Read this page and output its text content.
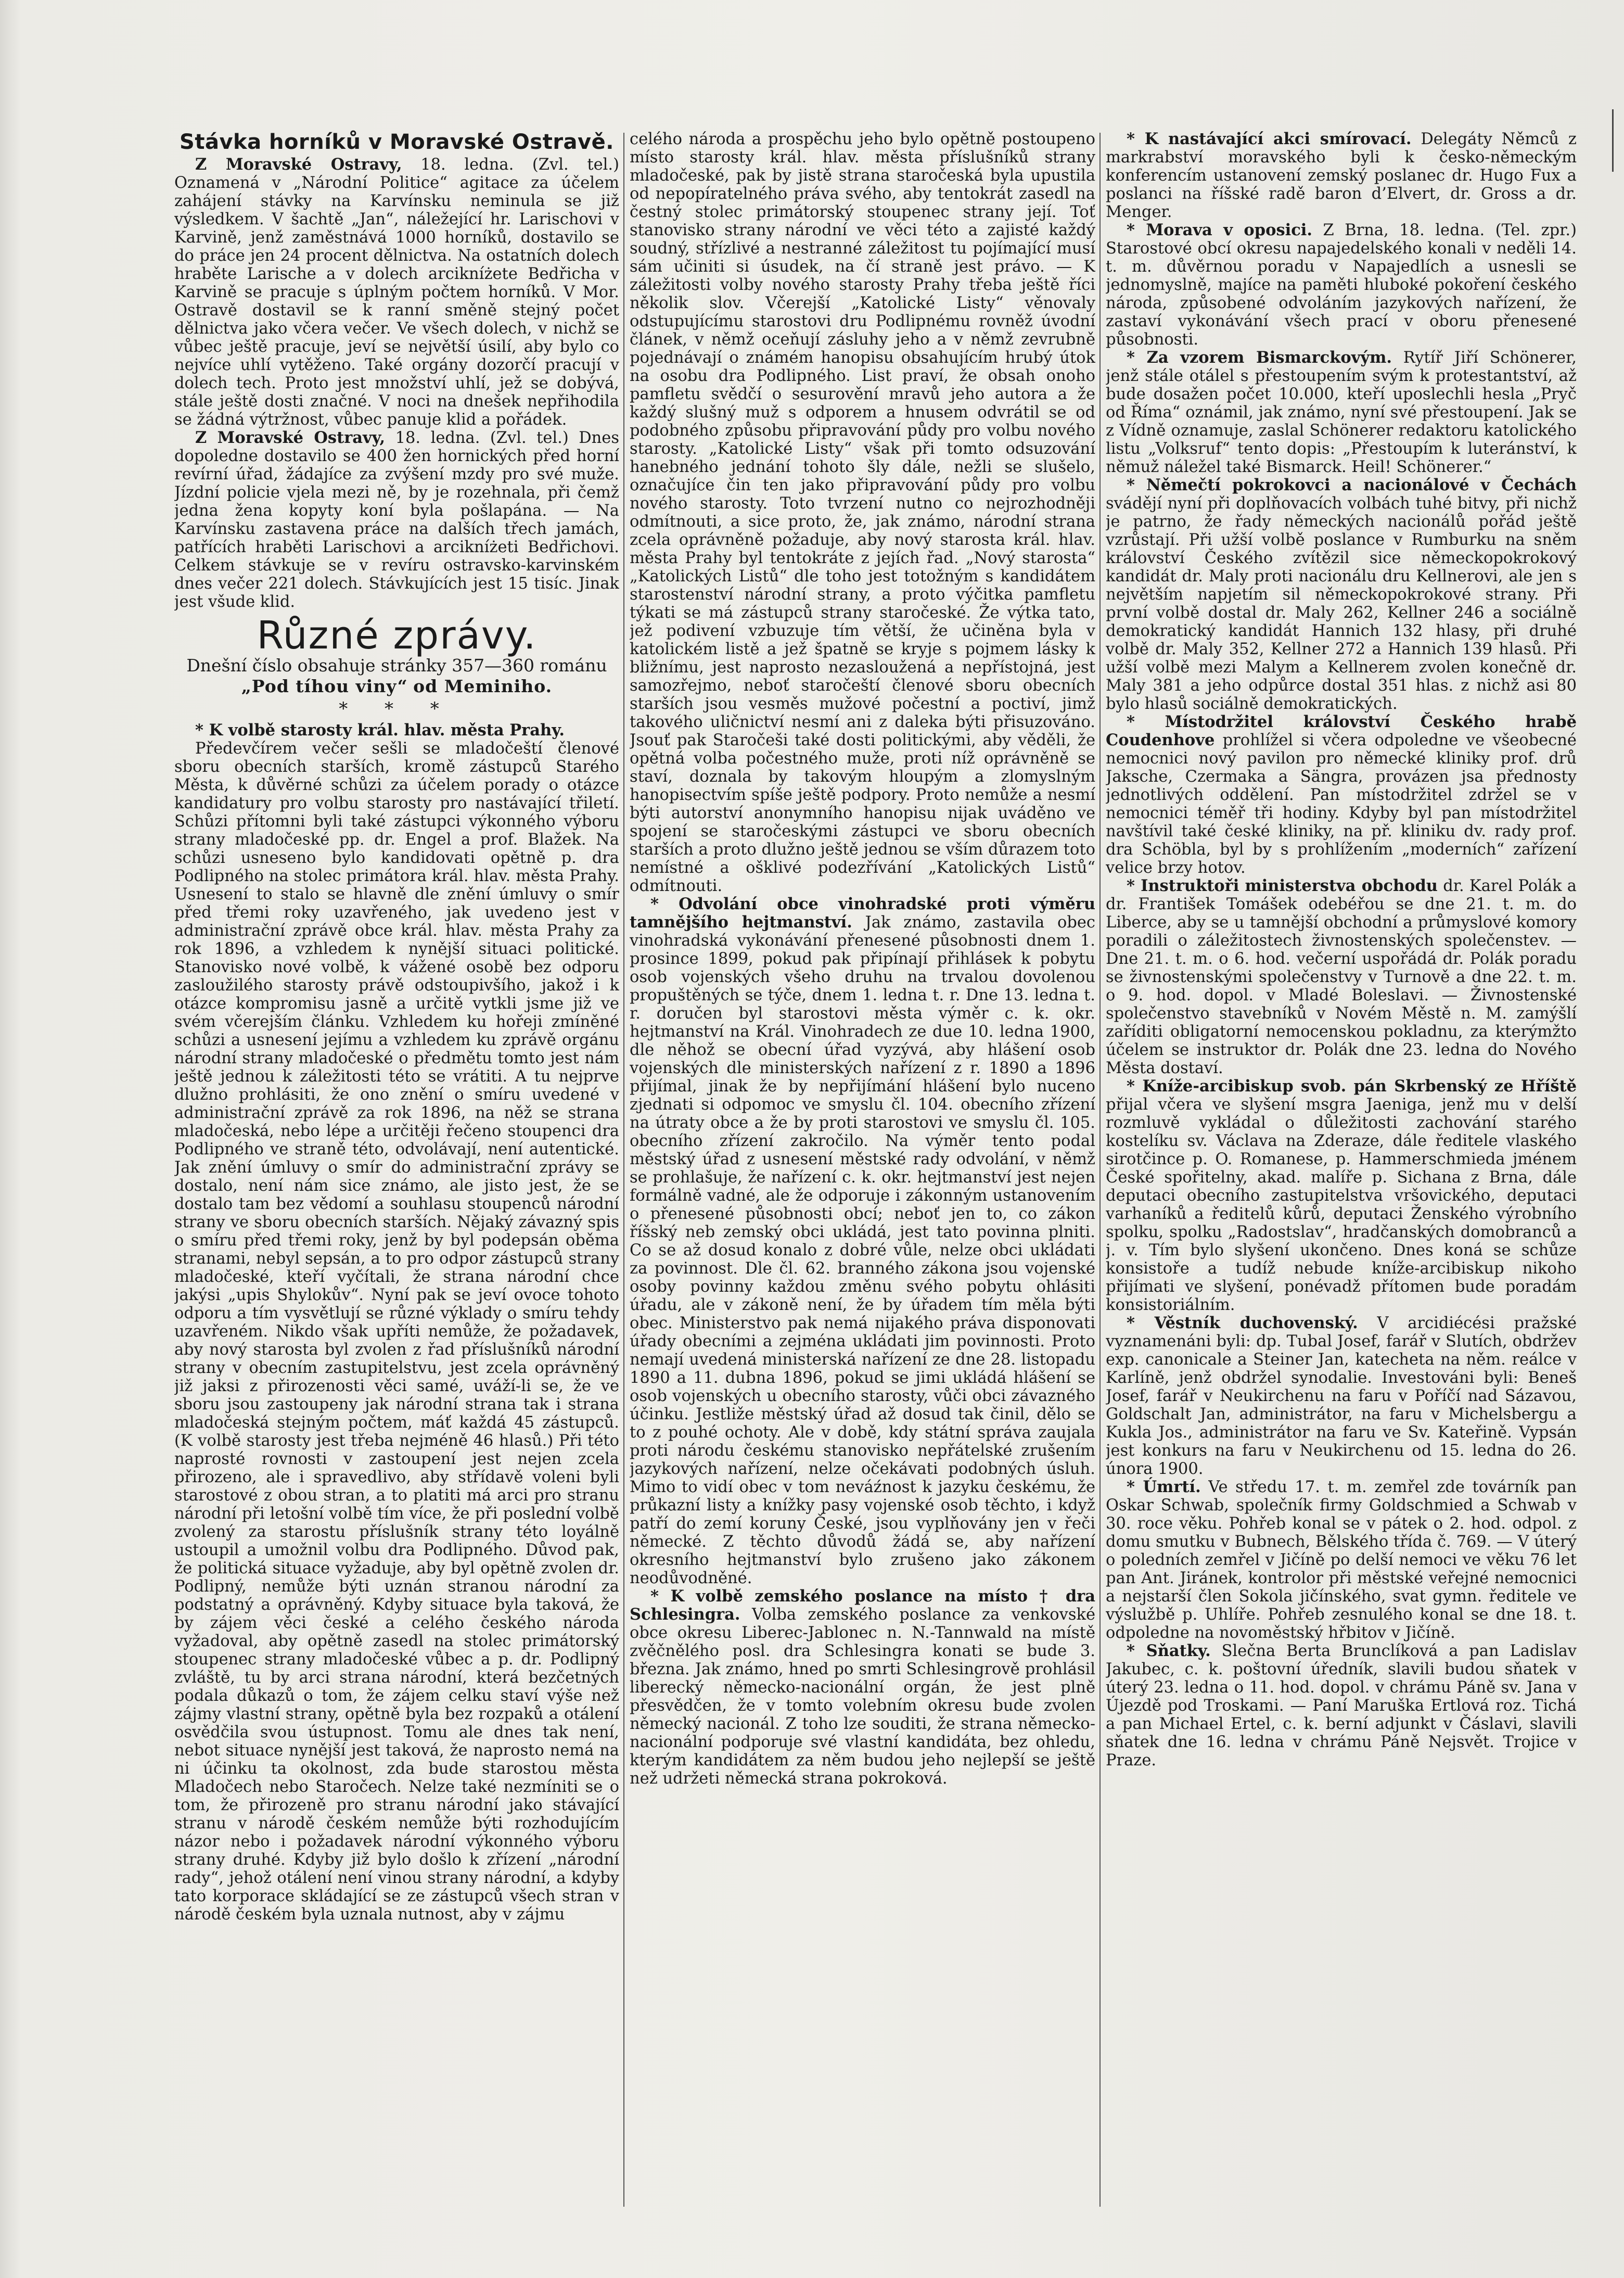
Stávka horníků v Moravské Ostravě.

Z Moravské Ostravy, 18. ledna. (Zvl. tel.) Oznamená v „Národní Politice“ agitace za účelem zahájení stávky na Karvínsku neminula se již výsledkem. V šachtě „Jan“, náležející hr. Larischovi v Karvině, jenž zaměstnává 1000 horníků, dostavilo se do práce jen 24 procent dělnictva. Na ostatních dolech hraběte Larische a v dolech arcikníżete Bedřicha v Karvině se pracuje s úplným počtem horníků. V Mor. Ostravě dostavil se k ranní směně stejný počet dělnictva jako včera večer. Ve všech dolech, v nichž se vůbec ještě pracuje, jeví se největší úsilí, aby bylo co nejvíce uhlí vytěženo. Také orgány dozorčí pracují v dolech tech. Proto jest množství uhlí, jež se dobývá, stále ještě dosti značné. V noci na dnešek nepřihodila se žádná výtržnost, vůbec panuje klid a pořádek.

Z Moravské Ostravy, 18. ledna. (Zvl. tel.) Dnes dopoledne dostavilo se 400 žen hornických před horní revírní úřad, žádajíce za zvýšení mzdy pro své muže. Jízdní policie vjela mezi ně, by je rozehnala, při čemž jedna žena kopyty koní byla pošlapána. — Na Karvínsku zastavena práce na dalších třech jamách, patřících hraběti Larischovi a arcikníżeti Bedřichovi. Celkem stávkuje se v revíru ostravsko-karvinském dnes večer 221 dolech. Stávkujících jest 15 tisíc. Jinak jest všude klid.

Různé zprávy.
Dnešní číslo obsahuje stránky 357—360 románu „Pod tíhou viny“ od Meminiho.
* * *

* K volbě starosty král. hlav. města Prahy.

Předevčírem večer sešli se mladočeští členové sboru obecních starších, kromě zástupců Starého Města, k důvěrné schůzi za účelem porady o otázce kandidatury pro volbu starosty pro nastávající třiletí. Schůzi přítomni byli také zástupci výkonného výboru strany mladočeské pp. dr. Engel a prof. Blažek. Na schůzi usneseno bylo kandidovati opětně p. dra Podlipného na stolec primátora král. hlav. města Prahy. Usnesení to stalo se hlavně dle znění úmluvy o smír před třemi roky uzavřeného, jak uvedeno jest v administrační zprávě obce král. hlav. města Prahy za rok 1896, a vzhledem k nynější situaci politické. Stanovisko nové volbě, k vážené osobě bez odporu zasloužilého starosty právě odstoupivšího, jakož i k otázce kompromisu jasně a určitě vytkli jsme již ve svém včerejším článku. Vzhledem ku hořeji zmíněné schůzi a usnesení jejímu a vzhledem ku zprávě orgánu národní strany mladočeské o předmětu tomto jest nám ještě jednou k záležitosti této se vrátiti. A tu nejprve dlužno prohlásiti, že ono znění o smíru uvedené v administrační zprávě za rok 1896, na něž se strana mladočeská, nebo lépe a určitěji řečeno stoupenci dra Podlipného ve straně této, odvolávají, není autentické. Jak znění úmluvy o smír do administrační zprávy se dostalo, není nám sice známo, ale jisto jest, že se dostalo tam bez vědomí a souhlasu stoupenců národní strany ve sboru obecních starších. Nějaký závazný spis o smíru před třemi roky, jenž by byl podepsán oběma stranami, nebyl sepsán, a to pro odpor zástupců strany mladočeské, kteří vyčítali, že strana národní chce jakýsi „upis Shylokův“. Nyní pak se jeví ovoce tohoto odporu a tím vysvětlují se různé výklady o smíru tehdy uzavřeném. Nikdo však upříti nemůže, že požadavek, aby nový starosta byl zvolen z řad příslušníků národní strany v obecním zastupitelstvu, jest zcela oprávněný již jaksi z přirozenosti věci samé, uváží-li se, že ve sboru jsou zastoupeny jak národní strana tak i strana mladočeská stejným počtem, máť každá 45 zástupců. (K volbě starosty jest třeba nejméně 46 hlasů.) Při této naprosté rovnosti v zastoupení jest nejen zcela přirozeno, ale i spravedlivo, aby střídavě voleni byli starostové z obou stran, a to platiti má arci pro stranu národní při letošní volbě tím více, že při poslední volbě zvolený za starostu příslušník strany této loyálně ustoupil a umožnil volbu dra Podlipného. Důvod pak, že politická situace vyžaduje, aby byl opětně zvolen dr. Podlipný, nemůže býti uznán stranou národní za podstatný a oprávněný. Kdyby situace byla taková, že by zájem věci české a celého českého národa vyžadoval, aby opětně zasedl na stolec primátorský stoupenec strany mladočeské vůbec a p. dr. Podlipný zvláště, tu by arci strana národní, která bezčetných podala důkazů o tom, že zájem celku staví výše než zájmy vlastní strany, opětně byla bez rozpaků a otálení osvědčila svou ústupnost. Tomu ale dnes tak není, nebot situace nynější jest taková, že naprosto nemá na ni účinku ta okolnost, zda bude starostou města Mladočech nebo Staročech. Nelze také nezmíniti se o tom, že přirozeně pro stranu národní jako stávající stranu v národě českém nemůže býti rozhodujícím názor nebo i požadavek národní výkonného výboru strany druhé. Kdyby již bylo došlo k zřízení „národní rady“, jehož otálení není vinou strany národní, a kdyby tato korporace skládající se ze zástupců všech stran v národě českém byla uznala nutnost, aby v zájmu

celého národa a prospěchu jeho bylo opětně postoupeno místo starosty král. hlav. města příslušníků strany mladočeské, pak by jistě strana staročeská byla upustila od nepopíratelného práva svého, aby tentokrát zasedl na čestný stolec primátorský stoupenec strany její. Toť stanovisko strany národní ve věci této a zajisté každý soudný, střízlivé a nestranné záležitost tu pojímající musí sám učiniti si úsudek, na čí straně jest právo. — K záležitosti volby nového starosty Prahy třeba ještě říci několik slov. Včerejší „Katolické Listy“ věnovaly odstupujícímu starostovi dru Podlipnému rovněž úvodní článek, v němž oceňují zásluhy jeho a v němž zevrubně pojednávají o známém hanopisu obsahujícím hrubý útok na osobu dra Podlipného. List praví, že obsah onoho pamfletu svědčí o sesurovění mravů jeho autora a že každý slušný muž s odporem a hnusem odvrátil se od podobného způsobu připravování půdy pro volbu nového starosty. „Katolické Listy“ však při tomto odsuzování hanebného jednání tohoto šly dále, nežli se slušelo, označujíce čin ten jako připravování půdy pro volbu nového starosty. Toto tvrzení nutno co nejrozhodněji odmítnouti, a sice proto, že, jak známo, národní strana zcela oprávněně požaduje, aby nový starosta král. hlav. města Prahy byl tentokráte z jejích řad. „Nový starosta“ „Katolických Listů“ dle toho jest totožným s kandidátem starostenství národní strany, a proto výčitka pamfletu týkati se má zástupců strany staročeské. Že výtka tato, jež podivení vzbuzuje tím větší, že učiněna byla v katolickém listě a jež špatně se kryje s pojmem lásky k bližnímu, jest naprosto nezasloužená a nepřístojná, jest samozřejmo, neboť staročeští členové sboru obecních starších jsou vesměs mužové počestní a poctiví, jimž takového uličnictví nesmí ani z daleka býti přisuzováno. Jsouť pak Staročeši také dosti politickými, aby věděli, že opětná volba počestného muže, proti níž oprávněně se staví, doznala by takovým hloupým a zlomyslným hanopisectvím spíše ještě podpory. Proto nemůže a nesmí býti autorství anonymního hanopisu nijak uváděno ve spojení se staročeskými zástupci ve sboru obecních starších a proto dlužno ještě jednou se vším důrazem toto nemístné a ošklivé podezřívání „Katolických Listů“ odmítnouti.

* Odvolání obce vinohradské proti výměru tamnějšího hejtmanství. Jak známo, zastavila obec vinohradská vykonávání přenesené působnosti dnem 1. prosince 1899, pokud pak připínají přihlásek k pobytu osob vojenských všeho druhu na trvalou dovolenou propuštěných se týče, dnem 1. ledna t. r. Dne 13. ledna t. r. doručen byl starostovi města výměr c. k. okr. hejtmanství na Král. Vinohradech ze due 10. ledna 1900, dle něhož se obecní úřad vyzývá, aby hlášení osob vojenských dle ministerských nařízení z r. 1890 a 1896 přijímal, jinak že by nepřijímání hlášení bylo nuceno zjednati si odpomoc ve smyslu čl. 104. obecního zřízení na útraty obce a že by proti starostovi ve smyslu čl. 105. obecního zřízení zakročilo. Na výměr tento podal městský úřad z usnesení městské rady odvolání, v němž se prohlašuje, že nařízení c. k. okr. hejtmanství jest nejen formálně vadné, ale že odporuje i zákonným ustanovením o přenesené působnosti obcí; neboť jen to, co zákon říšský neb zemský obci ukládá, jest tato povinna plniti. Co se až dosud konalo z dobré vůle, nelze obci ukládati za povinnost. Dle čl. 62. branného zákona jsou vojenské osoby povinny každou změnu svého pobytu ohlásiti úřadu, ale v zákoně není, že by úřadem tím měla býti obec. Ministerstvo pak nemá nijakého práva disponovati úřady obecními a zejména ukládati jim povinnosti. Proto nemají uvedená ministerská nařízení ze dne 28. listopadu 1890 a 11. dubna 1896, pokud se jimi ukládá hlášení se osob vojenských u obecního starosty, vůči obci závazného účinku. Jestliže městský úřad až dosud tak činil, dělo se to z pouhé ochoty. Ale v době, kdy státní správa zaujala proti národu českému stanovisko nepřátelské zrušením jazykových nařízení, nelze očekávati podobných úsluh. Mimo to vidí obec v tom neváźnost k jazyku českému, že průkazní listy a knížky pasy vojenské osob těchto, i když patří do zemí koruny České, jsou vyplňovány jen v řeči německé. Z těchto důvodů žádá se, aby nařízení okresního hejtmanství bylo zrušeno jako zákonem neodůvodněné.

* K volbě zemského poslance na místo † dra Schlesingra. Volba zemského poslance za venkovské obce okresu Liberec-Jablonec n. N.-Tannwald na místě zvěčnělého posl. dra Schlesingra konati se bude 3. března. Jak známo, hned po smrti Schlesingrově prohlásil liberecký německo-nacionální orgán, že jest plně přesvědčen, že v tomto volebním okresu bude zvolen německý nacionál. Z toho lze souditi, že strana německo-nacionální podporuje své vlastní kandidáta, bez ohledu, kterým kandidátem za něm budou jeho nejlepší se ještě než udržeti německá strana pokroková.

* K nastávající akci smírovací. Delegáty Němců z markrabství moravského byli k česko-německým konferencím ustanovení zemský poslanec dr. Hugo Fux a poslanci na říšské radě baron d’Elvert, dr. Gross a dr. Menger.

* Morava v oposici. Z Brna, 18. ledna. (Tel. zpr.) Starostové obcí okresu napajedelského konali v neděli 14. t. m. důvěrnou poradu v Napajedlích a usnesli se jednomyslně, majíce na paměti hluboké pokoření českého národa, způsobené odvoláním jazykových nařízení, že zastaví vykonávání všech prací v oboru přenesené působnosti.

* Za vzorem Bismarckovým. Rytíř Jiří Schönerer, jenž stále otálel s přestoupením svým k protestantství, až bude dosažen počet 10.000, kteří uposlechli hesla „Pryč od Říma“ oznámil, jak známo, nyní své přestoupení. Jak se z Vídně oznamuje, zaslal Schönerer redaktoru katolického listu „Volksruf“ tento dopis: „Přestoupím k luteránství, k němuž náležel také Bismarck. Heil! Schönerer.“

* Němečtí pokrokovci a nacionálové v Čechách svádějí nyní při doplňovacích volbách tuhé bitvy, při nichž je patrno, že řady německých nacionálů pořád ještě vzrůstají. Při užší volbě poslance v Rumburku na sněm království Českého zvítězil sice německopokrokový kandidát dr. Maly proti nacionálu dru Kellnerovi, ale jen s největším napjetím sil německopokrokové strany. Při první volbě dostal dr. Maly 262, Kellner 246 a sociálně demokratický kandidát Hannich 132 hlasy, při druhé volbě dr. Maly 352, Kellner 272 a Hannich 139 hlasů. Při užší volbě mezi Malym a Kellnerem zvolen konečně dr. Maly 381 a jeho odpůrce dostal 351 hlas. z nichž asi 80 bylo hlasů sociálně demokratických.

* Místodržitel království Českého hrabě Coudenhove prohlížel si včera odpoledne ve všeobecné nemocnici nový pavilon pro německé kliniky prof. drů Jaksche, Czermaka a Sängra, provázen jsa přednosty jednotlivých oddělení. Pan místodržitel zdržel se v nemocnici téměř tři hodiny. Kdyby byl pan místodržitel navštívil také české kliniky, na př. kliniku dv. rady prof. dra Schöbla, byl by s prohlížením „moderních“ zařízení velice brzy hotov.

* Instruktoři ministerstva obchodu dr. Karel Polák a dr. František Tomášek odebéřou se dne 21. t. m. do Liberce, aby se u tamnější obchodní a průmyslové komory poradili o záležitostech živnostenských společenstev. — Dne 21. t. m. o 6. hod. večerní uspořádá dr. Polák poradu se živnostenskými společenstvy v Turnově a dne 22. t. m. o 9. hod. dopol. v Mladé Boleslavi. — Živnostenské společenstvo stavebníků v Novém Městě n. M. zamýšlí zaříditi obligatorní nemocenskou pokladnu, za kterýmžto účelem se instruktor dr. Polák dne 23. ledna do Nového Města dostaví.

* Kníže-arcibiskup svob. pán Skrbenský ze Hříště přijal včera ve slyšení msgra Jaeniga, jenž mu v delší rozmluvě vykládal o důležitosti zachování starého kostelíku sv. Václava na Zderaze, dále ředitele vlaského sirotčince p. O. Romanese, p. Hammerschmieda jménem České spořitelny, akad. malíře p. Sichana z Brna, dále deputaci obecního zastupitelstva vršovického, deputaci varhaníků a ředitelů kůrů, deputaci Ženského výrobního spolku, spolku „Radostslav“, hradčanských domobranců a j. v. Tím bylo slyšení ukončeno. Dnes koná se schůze konsistoře a tudíž nebude kníže-arcibiskup nikoho přijímati ve slyšení, ponévadž přítomen bude poradám konsistoriálním.

* Věstník duchovenský. V arcidiécési pražské vyznamenáni byli: dp. Tubal Josef, farář v Slutích, obdržev exp. canonicale a Steiner Jan, katecheta na něm. reálce v Karlíně, jenž obdržel synodalie. Investováni byli: Beneš Josef, farář v Neukirchenu na faru v Poříčí nad Sázavou, Goldschalt Jan, administrátor, na faru v Michelsbergu a Kukla Jos., administrátor na faru ve Sv. Kateřině. Vypsán jest konkurs na faru v Neukirchenu od 15. ledna do 26. února 1900.

* Úmrtí. Ve středu 17. t. m. zemřel zde továrník pan Oskar Schwab, společník firmy Goldschmied a Schwab v 30. roce věku. Pohřeb konal se v pátek o 2. hod. odpol. z domu smutku v Bubnech, Bělského třída č. 769. — V úterý o poledních zemřel v Jičíně po delší nemoci ve věku 76 let pan Ant. Jiránek, kontrolor při městské veřejné nemocnici a nejstarší člen Sokola jičínského, svat gymn. ředitele ve výslužbě p. Uhlíře. Pohřeb zesnulého konal se dne 18. t. odpoledne na novoměstský hřbitov v Jičíně.

* Sňatky. Slečna Berta Brunclíková a pan Ladislav Jakubec, c. k. poštovní úředník, slavili budou sňatek v úterý 23. ledna o 11. hod. dopol. v chrámu Páně sv. Jana v Újezdě pod Troskami. — Paní Maruška Ertlová roz. Tichá a pan Michael Ertel, c. k. berní adjunkt v Čáslavi, slavili sňatek dne 16. ledna v chrámu Páně Nejsvět. Trojice v Praze.
